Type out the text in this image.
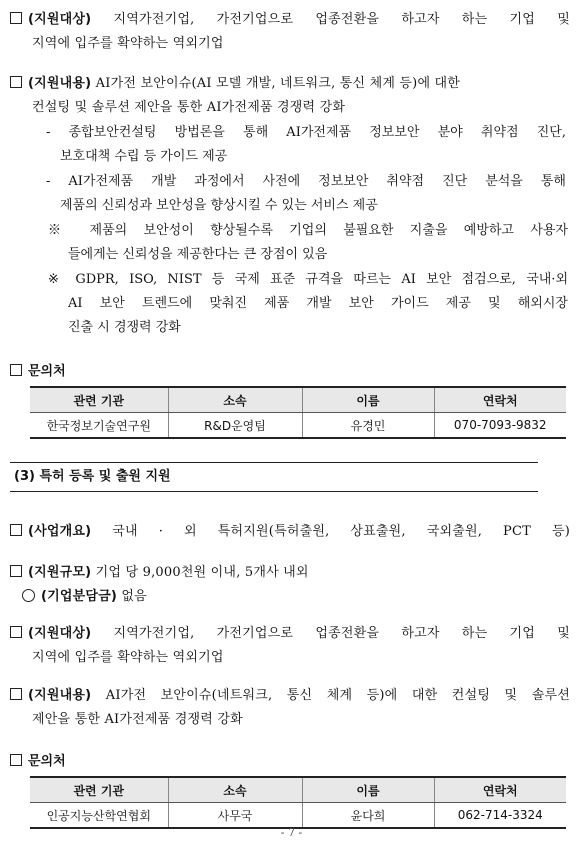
(지원대상) 지역가전기업, 가전기업으로 업종전환을 하고자 하는 기업 및
지역에 입주를 확약하는 역외기업
(지원내용) AI가전 보안이슈(AI 모델 개발, 네트워크, 통신 체계 등)에 대한
컨설팅 및 솔루션 제안을 통한 AI가전제품 경쟁력 강화
- 종합보안컨설팅 방법론을 통해 AI가전제품 정보보안 분야 취약점 진단,
보호대책 수립 등 가이드 제공
- AI가전제품 개발 과정에서 사전에 정보보안 취약점 진단 분석을 통해
제품의 신뢰성과 보안성을 향상시킬 수 있는 서비스 제공
※ 제품의 보안성이 향상될수록 기업의 불필요한 지출을 예방하고 사용자
들에게는 신뢰성을 제공한다는 큰 장점이 있음
※ GDPR, ISO, NIST 등 국제 표준 규격을 따르는 AI 보안 점검으로, 국내·외
AI 보안 트렌드에 맞춰진 제품 개발 보안 가이드 제공 및 해외시장
진출 시 경쟁력 강화
문의처
관련 기관	소속	이름	연락처
한국정보기술연구원	R&D운영팀	유경민	070-7093-9832
(3) 특허 등록 및 출원 지원
(사업개요) 국내 · 외 특허지원(특허출원, 상표출원, 국외출원, PCT 등)
(지원규모) 기업 당 9,000천원 이내, 5개사 내외
(기업분담금) 없음
(지원대상) 지역가전기업, 가전기업으로 업종전환을 하고자 하는 기업 및
지역에 입주를 확약하는 역외기업
(지원내용) AI가전 보안이슈(네트워크, 통신 체계 등)에 대한 컨설팅 및 솔루션
제안을 통한 AI가전제품 경쟁력 강화
문의처
관련 기관	소속	이름	연락처
인공지능산학연협회	사무국	윤다희	062-714-3324
- 7 -
